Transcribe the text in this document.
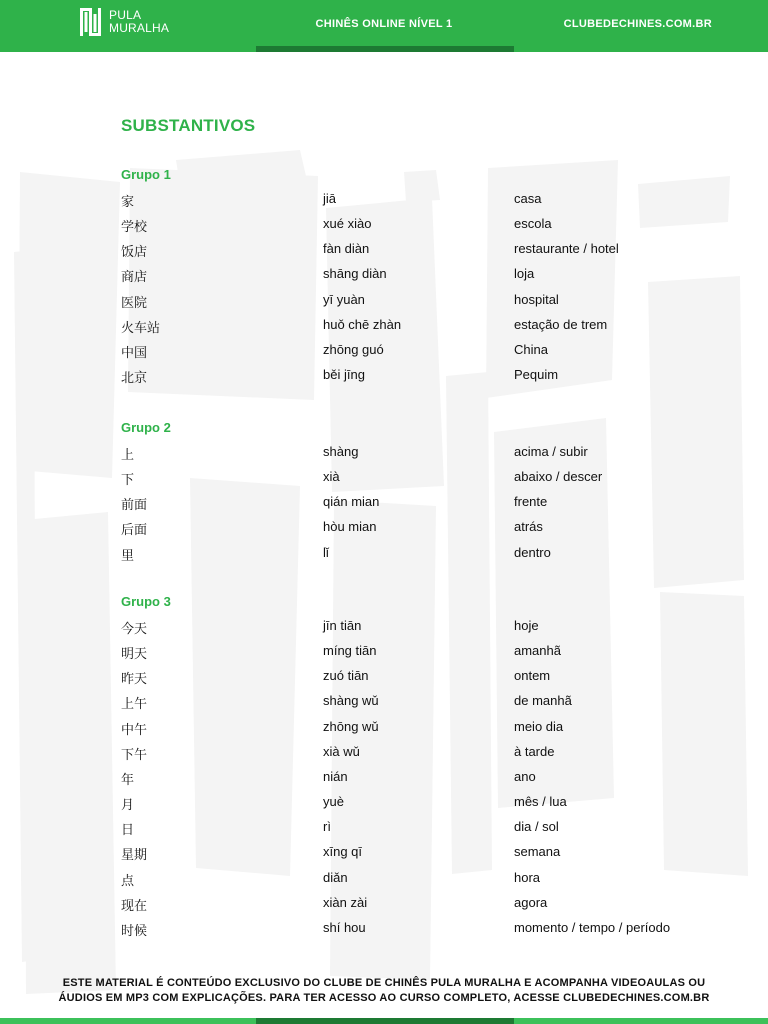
PULA
MURALHA	CHINÊS ONLINE NÍVEL 1	CLUBEDECHINES.COM.BR
SUBSTANTIVOS
Grupo 1
家	jiā	casa
学校	xué xiào	escola
饭店	fàn diàn	restaurante / hotel
商店	shāng diàn	loja
医院	yī yuàn	hospital
火车站	huǒ chē zhàn	estação de trem
中国	zhōng guó	China
北京	běi jīng	Pequim
Grupo 2
上	shàng	acima / subir
下	xià	abaixo / descer
前面	qián mian	frente
后面	hòu mian	atrás
里	lǐ	dentro
Grupo 3
今天	jīn tiān	hoje
明天	míng tiān	amanhã
昨天	zuó tiān	ontem
上午	shàng wǔ	de manhã
中午	zhōng wǔ	meio dia
下午	xià wǔ	à tarde
年	nián	ano
月	yuè	mês / lua
日	rì	dia / sol
星期	xīng qī	semana
点	diǎn	hora
现在	xiàn zài	agora
时候	shí hou	momento / tempo / período
ESTE MATERIAL É CONTEÚDO EXCLUSIVO DO CLUBE DE CHINÊS PULA MURALHA E ACOMPANHA VIDEOAULAS OU
ÁUDIOS EM MP3 COM EXPLICAÇÕES. PARA TER ACESSO AO CURSO COMPLETO, ACESSE CLUBEDECHINES.COM.BR
